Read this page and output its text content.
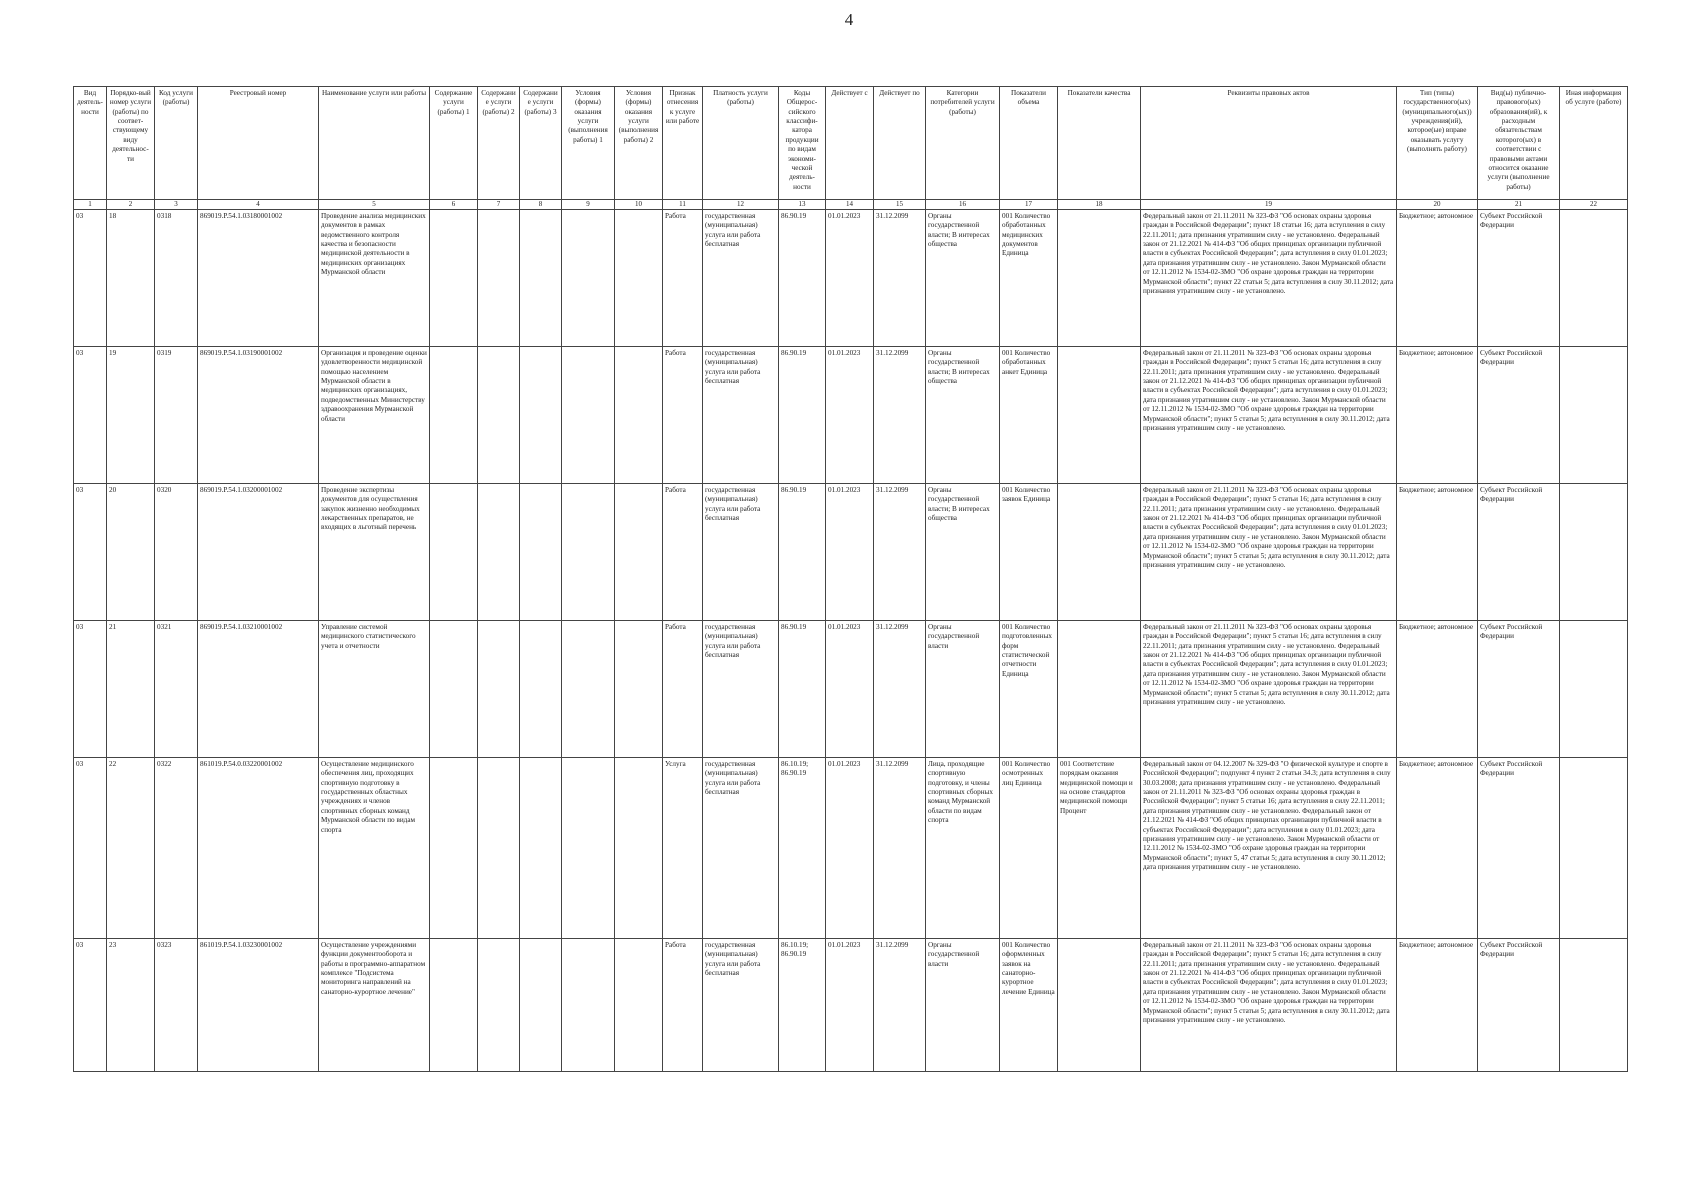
4
Вид деятель-ности	Порядко-вый номер услуги (работы) по соответ-ствующему виду деятельнос-ти	Код услуги (работы)	Реестровый номер	Наименование услуги или работы	Содержание услуги (работы) 1	Содержание услуги (работы) 2	Содержание услуги (работы) 3	Условия (формы) оказания услуги (выполнения работы) 1	Условия (формы) оказания услуги (выполнения работы) 2	Признак отнесения к услуге или работе	Платность услуги (работы)	Коды Общерос-сийского классифи-катора продукции по видам экономи-ческой деятель-ности	Действует с	Действует по	Категории потребителей услуги (работы)	Показатели объема	Показатели качества	Реквизиты правовых актов	Тип (типы) государственного(ых) (муниципального(ых)) учреждения(ий), которое(ые) вправе оказывать услугу (выполнять работу)	Вид(ы) публично-правового(ых) образования(ий), к расходным обязательствам которого(ых) в соответствии с правовыми актами относится оказание услуги (выполнение работы)	Иная информация об услуге (работе)
1	2	3	4	5	6	7	8	9	10	11	12	13	14	15	16	17	18	19	20	21	22
03	18	0318	869019.Р.54.1.03180001002	Проведение анализа медицинских документов в рамках ведомственного контроля качества и безопасности медицинской деятельности в медицинских организациях Мурманской области						Работа	государственная (муниципальная) услуга или работа бесплатная	86.90.19	01.01.2023	31.12.2099	Органы государственной власти; В интересах общества	001 Количество обработанных медицинских документов Единица		Федеральный закон от 21.11.2011 № 323-ФЗ "Об основах охраны здоровья граждан в Российской Федерации"; пункт 18 статьи 16; дата вступления в силу 22.11.2011; дата признания утратившим силу - не установлено. Федеральный закон от 21.12.2021 № 414-ФЗ "Об общих принципах организации публичной власти в субъектах Российской Федерации"; дата вступления в силу 01.01.2023; дата признания утратившим силу - не установлено. Закон Мурманской области от 12.11.2012 № 1534-02-ЗМО "Об охране здоровья граждан на территории Мурманской области"; пункт 22 статьи 5; дата вступления в силу 30.11.2012; дата признания утратившим силу - не установлено.	Бюджетное; автономное	Субъект Российской Федерации	
03	19	0319	869019.Р.54.1.03190001002	Организация и проведение оценки удовлетворенности медицинской помощью населением Мурманской области в медицинских организациях, подведомственных Министерству здравоохранения Мурманской области						Работа	государственная (муниципальная) услуга или работа бесплатная	86.90.19	01.01.2023	31.12.2099	Органы государственной власти; В интересах общества	001 Количество обработанных анкет Единица		Федеральный закон от 21.11.2011 № 323-ФЗ "Об основах охраны здоровья граждан в Российской Федерации"; пункт 5 статьи 16; дата вступления в силу 22.11.2011; дата признания утратившим силу - не установлено. Федеральный закон от 21.12.2021 № 414-ФЗ "Об общих принципах организации публичной власти в субъектах Российской Федерации"; дата вступления в силу 01.01.2023; дата признания утратившим силу - не установлено. Закон Мурманской области от 12.11.2012 № 1534-02-ЗМО "Об охране здоровья граждан на территории Мурманской области"; пункт 5 статьи 5; дата вступления в силу 30.11.2012; дата признания утратившим силу - не установлено.	Бюджетное; автономное	Субъект Российской Федерации	
03	20	0320	869019.Р.54.1.03200001002	Проведение экспертизы документов для осуществления закупок жизненно необходимых лекарственных препаратов, не входящих в льготный перечень						Работа	государственная (муниципальная) услуга или работа бесплатная	86.90.19	01.01.2023	31.12.2099	Органы государственной власти; В интересах общества	001 Количество заявок Единица		Федеральный закон от 21.11.2011 № 323-ФЗ "Об основах охраны здоровья граждан в Российской Федерации"; пункт 5 статьи 16; дата вступления в силу 22.11.2011; дата признания утратившим силу - не установлено. Федеральный закон от 21.12.2021 № 414-ФЗ "Об общих принципах организации публичной власти в субъектах Российской Федерации"; дата вступления в силу 01.01.2023; дата признания утратившим силу - не установлено. Закон Мурманской области от 12.11.2012 № 1534-02-ЗМО "Об охране здоровья граждан на территории Мурманской области"; пункт 5 статьи 5; дата вступления в силу 30.11.2012; дата признания утратившим силу - не установлено.	Бюджетное; автономное	Субъект Российской Федерации	
03	21	0321	869019.Р.54.1.03210001002	Управление системой медицинского статистического учета и отчетности						Работа	государственная (муниципальная) услуга или работа бесплатная	86.90.19	01.01.2023	31.12.2099	Органы государственной власти	001 Количество подготовленных форм статистической отчетности Единица		Федеральный закон от 21.11.2011 № 323-ФЗ "Об основах охраны здоровья граждан в Российской Федерации"; пункт 5 статьи 16; дата вступления в силу 22.11.2011; дата признания утратившим силу - не установлено. Федеральный закон от 21.12.2021 № 414-ФЗ "Об общих принципах организации публичной власти в субъектах Российской Федерации"; дата вступления в силу 01.01.2023; дата признания утратившим силу - не установлено. Закон Мурманской области от 12.11.2012 № 1534-02-ЗМО "Об охране здоровья граждан на территории Мурманской области"; пункт 5 статьи 5; дата вступления в силу 30.11.2012; дата признания утратившим силу - не установлено.	Бюджетное; автономное	Субъект Российской Федерации	
03	22	0322	861019.Р.54.0.03220001002	Осуществление медицинского обеспечения лиц, проходящих спортивную подготовку в государственных областных учреждениях и членов спортивных сборных команд Мурманской области по видам спорта						Услуга	государственная (муниципальная) услуга или работа бесплатная	86.10.19; 86.90.19	01.01.2023	31.12.2099	Лица, проходящие спортивную подготовку, и члены спортивных сборных команд Мурманской области по видам спорта	001 Количество осмотренных лиц Единица	001 Соответствие порядкам оказания медицинской помощи и на основе стандартов медицинской помощи Процент	Федеральный закон от 04.12.2007 № 329-ФЗ "О физической культуре и спорте в Российской Федерации"; подпункт 4 пункт 2 статьи 34.3; дата вступления в силу 30.03.2008; дата признания утратившим силу - не установлено. Федеральный закон от 21.11.2011 № 323-ФЗ "Об основах охраны здоровья граждан в Российской Федерации"; пункт 5 статьи 16; дата вступления в силу 22.11.2011; дата признания утратившим силу - не установлено. Федеральный закон от 21.12.2021 № 414-ФЗ "Об общих принципах организации публичной власти в субъектах Российской Федерации"; дата вступления в силу 01.01.2023; дата признания утратившим силу - не установлено. Закон Мурманской области от 12.11.2012 № 1534-02-ЗМО "Об охране здоровья граждан на территории Мурманской области"; пункт 5, 47 статьи 5; дата вступления в силу 30.11.2012; дата признания утратившим силу - не установлено.	Бюджетное; автономное	Субъект Российской Федерации	
03	23	0323	861019.Р.54.1.03230001002	Осуществление учреждениями функции документооборота и работы в программно-аппаратном комплексе "Подсистема мониторинга направлений на санаторно-курортное лечение"						Работа	государственная (муниципальная) услуга или работа бесплатная	86.10.19; 86.90.19	01.01.2023	31.12.2099	Органы государственной власти	001 Количество оформленных заявок на санаторно-курортное лечение Единица		Федеральный закон от 21.11.2011 № 323-ФЗ "Об основах охраны здоровья граждан в Российской Федерации"; пункт 5 статьи 16; дата вступления в силу 22.11.2011; дата признания утратившим силу - не установлено. Федеральный закон от 21.12.2021 № 414-ФЗ "Об общих принципах организации публичной власти в субъектах Российской Федерации"; дата вступления в силу 01.01.2023; дата признания утратившим силу - не установлено. Закон Мурманской области от 12.11.2012 № 1534-02-ЗМО "Об охране здоровья граждан на территории Мурманской области"; пункт 5 статьи 5; дата вступления в силу 30.11.2012; дата признания утратившим силу - не установлено.	Бюджетное; автономное	Субъект Российской Федерации	
